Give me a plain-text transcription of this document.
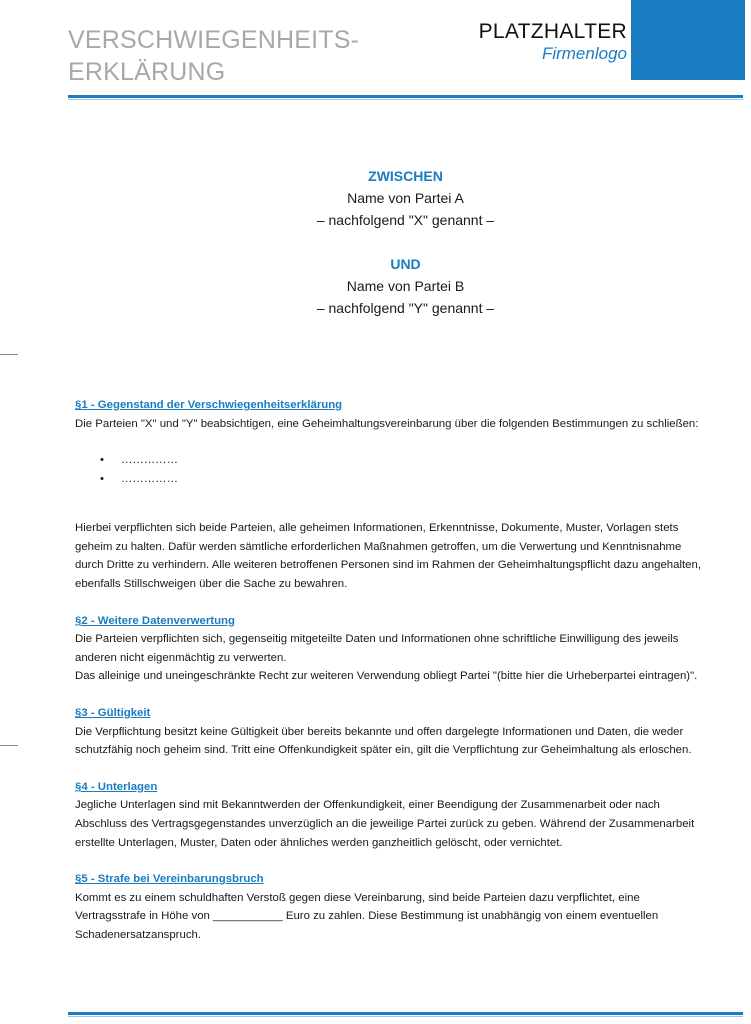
VERSCHWIEGENHEITS-
ERKLÄRUNG
PLATZHALTER
Firmenlogo
ZWISCHEN
Name von Partei A
– nachfolgend "X" genannt –
UND
Name von Partei B
– nachfolgend "Y" genannt –
§1 - Gegenstand der Verschwiegenheitserklärung

Die Parteien "X" und "Y" beabsichtigen, eine Geheimhaltungsvereinbarung über die folgenden Bestimmungen zu schließen:

• ……………
• ……………

Hierbei verpflichten sich beide Parteien, alle geheimen Informationen, Erkenntnisse, Dokumente, Muster, Vorlagen stets
geheim zu halten. Dafür werden sämtliche erforderlichen Maßnahmen getroffen, um die Verwertung und Kenntnisnahme
durch Dritte zu verhindern. Alle weiteren betroffenen Personen sind im Rahmen der Geheimhaltungspflicht dazu angehalten,
ebenfalls Stillschweigen über die Sache zu bewahren.

§2 - Weitere Datenverwertung

Die Parteien verpflichten sich, gegenseitig mitgeteilte Daten und Informationen ohne schriftliche Einwilligung des jeweils
anderen nicht eigenmächtig zu verwerten.
Das alleinige und uneingeschränkte Recht zur weiteren Verwendung obliegt Partei "(bitte hier die Urheberpartei eintragen)".

§3 - Gültigkeit

Die Verpflichtung besitzt keine Gültigkeit über bereits bekannte und offen dargelegte Informationen und Daten, die weder
schutzfähig noch geheim sind. Tritt eine Offenkundigkeit später ein, gilt die Verpflichtung zur Geheimhaltung als erloschen.

§4 - Unterlagen

Jegliche Unterlagen sind mit Bekanntwerden der Offenkundigkeit, einer Beendigung der Zusammenarbeit oder nach
Abschluss des Vertragsgegenstandes unverzüglich an die jeweilige Partei zurück zu geben. Während der Zusammenarbeit
erstellte Unterlagen, Muster, Daten oder ähnliches werden ganzheitlich gelöscht, oder vernichtet.

§5 - Strafe bei Vereinbarungsbruch

Kommt es zu einem schuldhaften Verstoß gegen diese Vereinbarung, sind beide Parteien dazu verpflichtet, eine
Vertragsstrafe in Höhe von ___________ Euro zu zahlen. Diese Bestimmung ist unabhängig von einem eventuellen
Schadenersatzanspruch.
